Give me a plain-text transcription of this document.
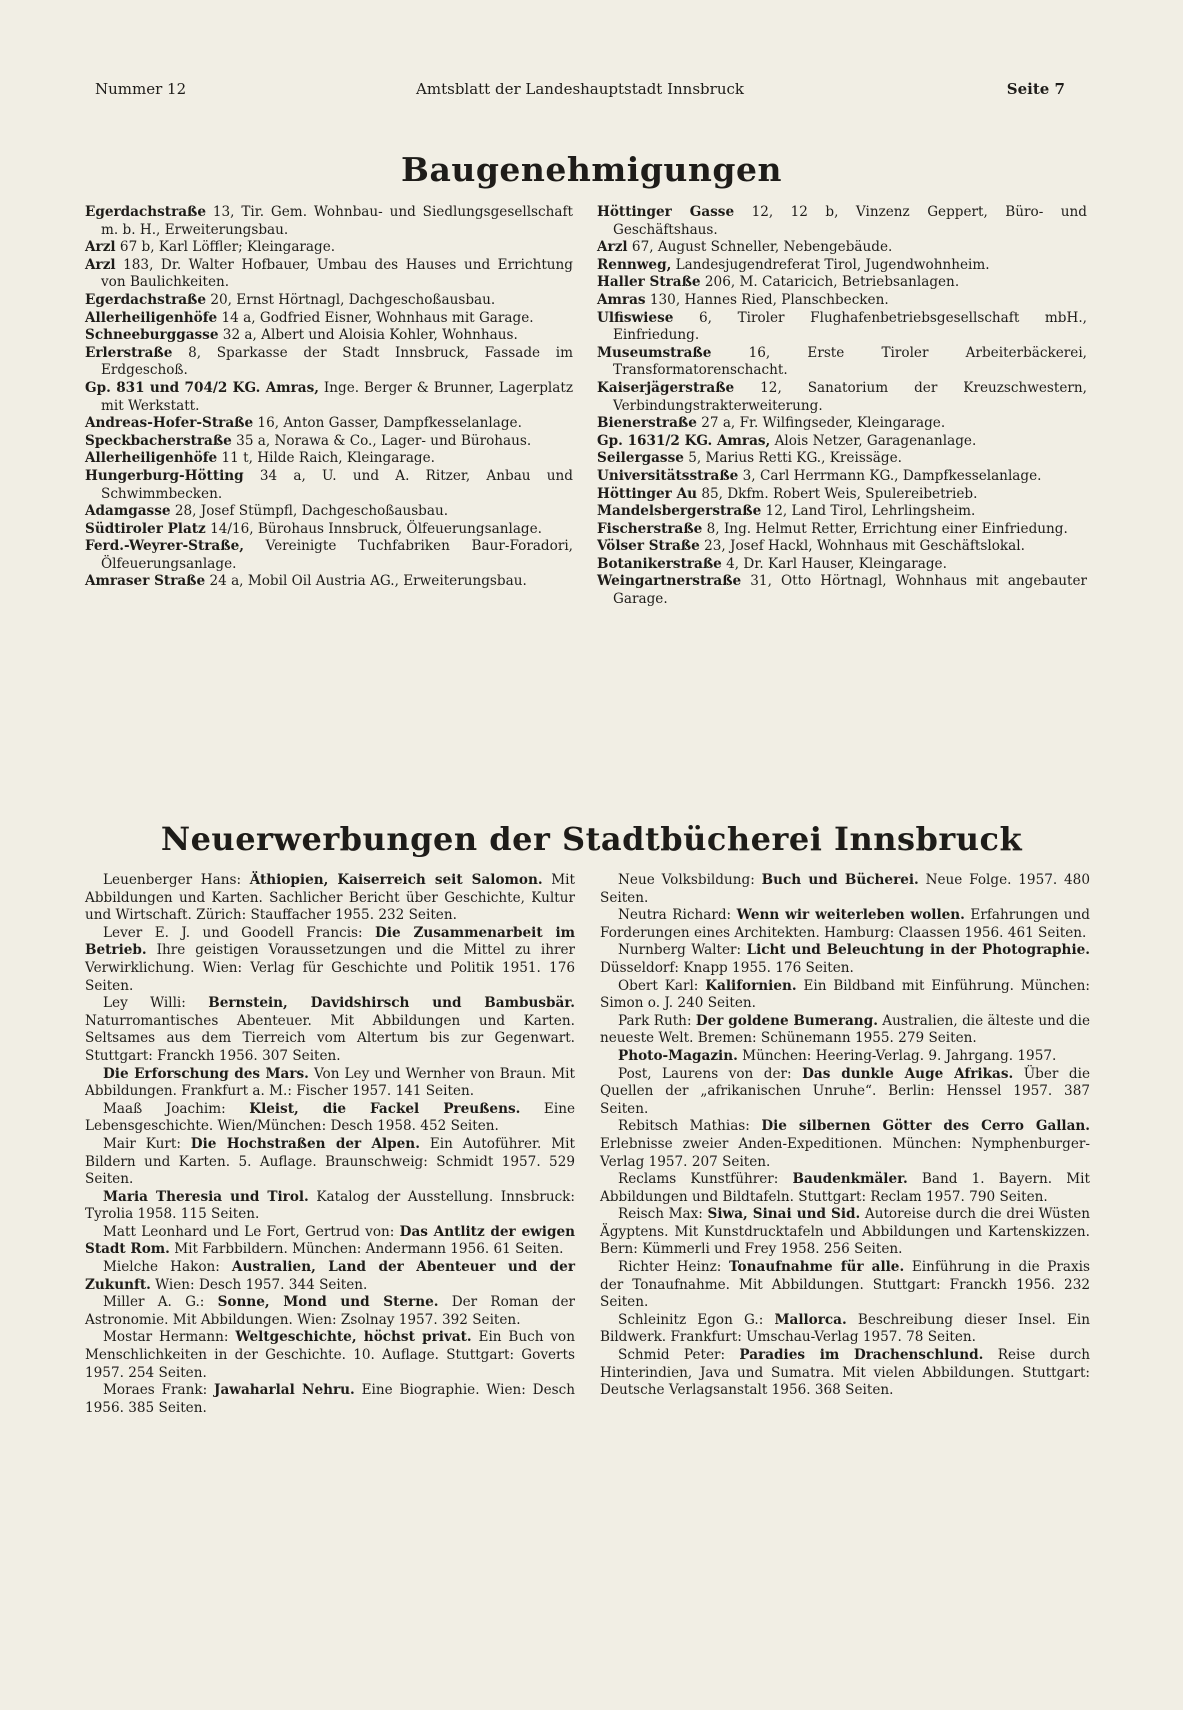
Nummer 12	Amtsblatt der Landeshauptstadt Innsbruck	Seite 7
Baugenehmigungen

Egerdachstraße 13, Tir. Gem. Wohnbau- und Siedlungsgesellschaft m. b. H., Erweiterungsbau.

Arzl 67 b, Karl Löffler; Kleingarage.

Arzl 183, Dr. Walter Hofbauer, Umbau des Hauses und Errichtung von Baulichkeiten.

Egerdachstraße 20, Ernst Hörtnagl, Dachgeschoßausbau.

Allerheiligenhöfe 14 a, Godfried Eisner, Wohnhaus mit Garage.

Schneeburggasse 32 a, Albert und Aloisia Kohler, Wohnhaus.

Erlerstraße 8, Sparkasse der Stadt Innsbruck, Fassade im Erdgeschoß.

Gp. 831 und 704/2 KG. Amras, Inge. Berger & Brunner, Lagerplatz mit Werkstatt.

Andreas-Hofer-Straße 16, Anton Gasser, Dampfkesselanlage.

Speckbacherstraße 35 a, Norawa & Co., Lager- und Bürohaus.

Allerheiligenhöfe 11 t, Hilde Raich, Kleingarage.

Hungerburg-Hötting 34 a, U. und A. Ritzer, Anbau und Schwimmbecken.

Adamgasse 28, Josef Stümpfl, Dachgeschoßausbau.

Südtiroler Platz 14/16, Bürohaus Innsbruck, Ölfeuerungsanlage.

Ferd.-Weyrer-Straße, Vereinigte Tuchfabriken Baur-Foradori, Ölfeuerungsanlage.

Amraser Straße 24 a, Mobil Oil Austria AG., Erweiterungsbau.

Höttinger Gasse 12, 12 b, Vinzenz Geppert, Büro- und Geschäftshaus.

Arzl 67, August Schneller, Nebengebäude.

Rennweg, Landesjugendreferat Tirol, Jugendwohnheim.

Haller Straße 206, M. Cataricich, Betriebsanlagen.

Amras 130, Hannes Ried, Planschbecken.

Ulfiswiese 6, Tiroler Flughafenbetriebsgesellschaft mbH., Einfriedung.

Museumstraße 16, Erste Tiroler Arbeiterbäckerei, Transformatorenschacht.

Kaiserjägerstraße 12, Sanatorium der Kreuzschwestern, Verbindungstrakterweiterung.

Bienerstraße 27 a, Fr. Wilfingseder, Kleingarage.

Gp. 1631/2 KG. Amras, Alois Netzer, Garagenanlage.

Seilergasse 5, Marius Retti KG., Kreissäge.

Universitätsstraße 3, Carl Herrmann KG., Dampfkesselanlage.

Höttinger Au 85, Dkfm. Robert Weis, Spulereibetrieb.

Mandelsbergerstraße 12, Land Tirol, Lehrlingsheim.

Fischerstraße 8, Ing. Helmut Retter, Errichtung einer Einfriedung.

Völser Straße 23, Josef Hackl, Wohnhaus mit Geschäftslokal.

Botanikerstraße 4, Dr. Karl Hauser, Kleingarage.

Weingartnerstraße 31, Otto Hörtnagl, Wohnhaus mit angebauter Garage.

Neuerwerbungen der Stadtbücherei Innsbruck

Leuenberger Hans: Äthiopien, Kaiserreich seit Salomon. Mit Abbildungen und Karten. Sachlicher Bericht über Geschichte, Kultur und Wirtschaft. Zürich: Stauffacher 1955. 232 Seiten.

Lever E. J. und Goodell Francis: Die Zusammenarbeit im Betrieb. Ihre geistigen Voraussetzungen und die Mittel zu ihrer Verwirklichung. Wien: Verlag für Geschichte und Politik 1951. 176 Seiten.

Ley Willi: Bernstein, Davidshirsch und Bambusbär. Naturromantisches Abenteuer. Mit Abbildungen und Karten. Seltsames aus dem Tierreich vom Altertum bis zur Gegenwart. Stuttgart: Franckh 1956. 307 Seiten.

Die Erforschung des Mars. Von Ley und Wernher von Braun. Mit Abbildungen. Frankfurt a. M.: Fischer 1957. 141 Seiten.

Maaß Joachim: Kleist, die Fackel Preußens. Eine Lebensgeschichte. Wien/München: Desch 1958. 452 Seiten.

Mair Kurt: Die Hochstraßen der Alpen. Ein Autoführer. Mit Bildern und Karten. 5. Auflage. Braunschweig: Schmidt 1957. 529 Seiten.

Maria Theresia und Tirol. Katalog der Ausstellung. Innsbruck: Tyrolia 1958. 115 Seiten.

Matt Leonhard und Le Fort, Gertrud von: Das Antlitz der ewigen Stadt Rom. Mit Farbbildern. München: Andermann 1956. 61 Seiten.

Mielche Hakon: Australien, Land der Abenteuer und der Zukunft. Wien: Desch 1957. 344 Seiten.

Miller A. G.: Sonne, Mond und Sterne. Der Roman der Astronomie. Mit Abbildungen. Wien: Zsolnay 1957. 392 Seiten.

Mostar Hermann: Weltgeschichte, höchst privat. Ein Buch von Menschlichkeiten in der Geschichte. 10. Auflage. Stuttgart: Goverts 1957. 254 Seiten.

Moraes Frank: Jawaharlal Nehru. Eine Biographie. Wien: Desch 1956. 385 Seiten.

Neue Volksbildung: Buch und Bücherei. Neue Folge. 1957. 480 Seiten.

Neutra Richard: Wenn wir weiterleben wollen. Erfahrungen und Forderungen eines Architekten. Hamburg: Claassen 1956. 461 Seiten.

Nurnberg Walter: Licht und Beleuchtung in der Photographie. Düsseldorf: Knapp 1955. 176 Seiten.

Obert Karl: Kalifornien. Ein Bildband mit Einführung. München: Simon o. J. 240 Seiten.

Park Ruth: Der goldene Bumerang. Australien, die älteste und die neueste Welt. Bremen: Schünemann 1955. 279 Seiten.

Photo-Magazin. München: Heering-Verlag. 9. Jahrgang. 1957.

Post, Laurens von der: Das dunkle Auge Afrikas. Über die Quellen der „afrikanischen Unruhe“. Berlin: Henssel 1957. 387 Seiten.

Rebitsch Mathias: Die silbernen Götter des Cerro Gallan. Erlebnisse zweier Anden-Expeditionen. München: Nymphenburger-Verlag 1957. 207 Seiten.

Reclams Kunstführer: Baudenkmäler. Band 1. Bayern. Mit Abbildungen und Bildtafeln. Stuttgart: Reclam 1957. 790 Seiten.

Reisch Max: Siwa, Sinai und Sid. Autoreise durch die drei Wüsten Ägyptens. Mit Kunstdrucktafeln und Abbildungen und Kartenskizzen. Bern: Kümmerli und Frey 1958. 256 Seiten.

Richter Heinz: Tonaufnahme für alle. Einführung in die Praxis der Tonaufnahme. Mit Abbildungen. Stuttgart: Franckh 1956. 232 Seiten.

Schleinitz Egon G.: Mallorca. Beschreibung dieser Insel. Ein Bildwerk. Frankfurt: Umschau-Verlag 1957. 78 Seiten.

Schmid Peter: Paradies im Drachenschlund. Reise durch Hinterindien, Java und Sumatra. Mit vielen Abbildungen. Stuttgart: Deutsche Verlagsanstalt 1956. 368 Seiten.
